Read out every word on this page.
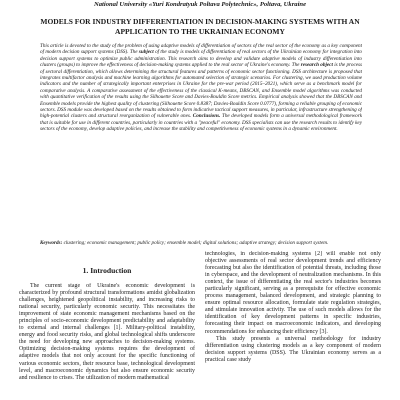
National University «Yuri Kondratyuk Poltava Polytechnic», Poltava, Ukraine
MODELS FOR INDUSTRY DIFFERENTIATION IN DECISION-MAKING SYSTEMS WITH AN APPLICATION TO THE UKRAINIAN ECONOMY
This article is devoted to the study of the problem of using adaptive models of differentiation of sectors of the real sector of the economy as a key component of modern decision support systems (DSS). The subject of the study is models of differentiation of real sectors of the Ukrainian economy for integration into decision support systems to optimize public administration. This research aims to develop and validate adaptive models of industry differentiation into clusters (groups) to improve the effectiveness of decision-making systems applied to the real sector of Ukraine's economy. The research object is the process of sectoral differentiation, which allows determining the structural features and patterns of economic sector functioning. DSS architecture is proposed that integrates multifactor analysis and machine learning algorithms for automated selection of strategic scenarios. For clustering, we used production volume indicators and the number of strategically important enterprises in Ukraine for the pre-war period (2015–2021), which serve as a benchmark model for comparative analysis. A comparative assessment of the effectiveness of the classical K-means, DBSCAN, and Ensemble model algorithms was conducted with quantitative verification of the results using the Silhouette Score and Davies-Bouldin Score metrics. Empirical analysis showed that the DBSCAN and Ensemble models provide the highest quality of clustering (Silhouette Score 0.8387; Davies-Bouldin Score 0.0777), forming a reliable grouping of economic sectors. DSS module was developed based on the results obtained to form indicative tactical support measures, in particular, infrastructure strengthening of high-potential clusters and structural reorganization of vulnerable ones. Conclusions. The developed models form a universal methodological framework that is suitable for use in different countries, particularly in countries with a "peaceful" economy. DSS specialists can use the research results to identify key sectors of the economy, develop adaptive policies, and increase the stability and competitiveness of economic systems in a dynamic environment.
Keywords: clustering; economic management; public policy; ensemble model; digital solutions; adaptive strategy; decision support system.
1. Introduction

The current stage of Ukraine's economic development is characterized by profound structural transformations amidst globalization challenges, heightened geopolitical instability, and increasing risks to national security, particularly economic security. This necessitates the improvement of state economic management mechanisms based on the principles of socio-economic development predictability and adaptability to external and internal challenges [1]. Military-political instability, energy and food security risks, and global technological shifts underscore the need for developing new approaches to decision-making systems. Optimizing decision-making systems requires the development of adaptive models that not only account for the specific functioning of various economic sectors, their resource base, technological development level, and macroeconomic dynamics but also ensure economic security and resilience to crises. The utilization of modern mathematical

technologies, in decision-making systems [2] will enable not only objective assessments of real sector development trends and efficiency forecasting but also the identification of potential threats, including those in cyberspace, and the development of neutralization mechanisms. In this context, the issue of differentiating the real sector's industries becomes particularly significant, serving as a prerequisite for effective economic process management, balanced development, and strategic planning to ensure optimal resource allocation, formulate state regulation strategies, and stimulate innovation activity. The use of such models allows for the identification of key development patterns in specific industries, forecasting their impact on macroeconomic indicators, and developing recommendations for enhancing their efficiency [3].

This study presents a universal methodology for industry differentiation using clustering models as a key component of modern decision support systems (DSS). The Ukrainian economy serves as a practical case study
